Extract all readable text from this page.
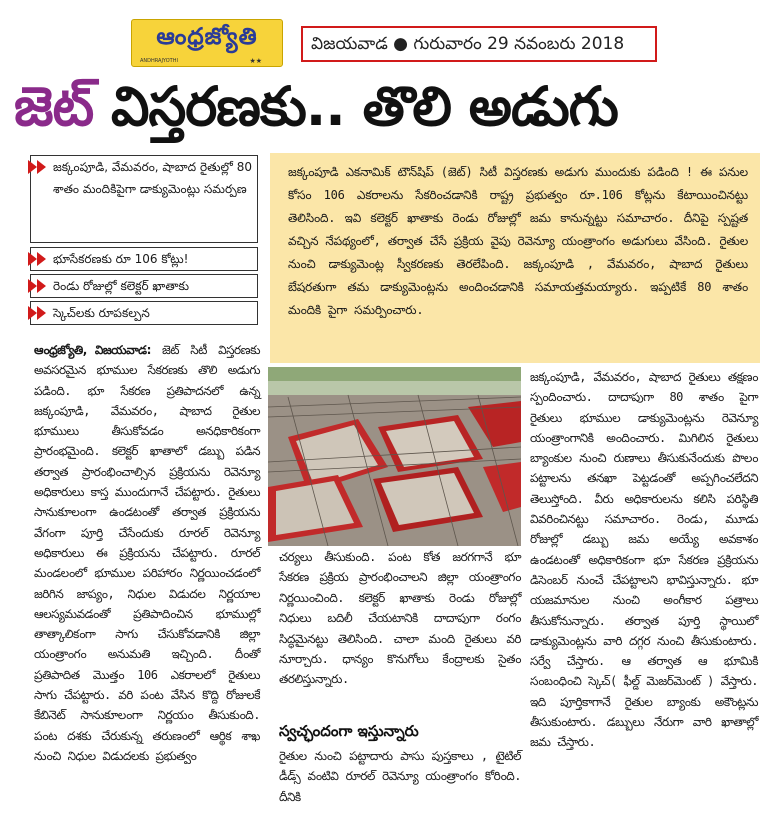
ఆంధ్రజ్యోతి
ANDHRAJYOTHI	★★
విజయవాడ ● గురువారం 29 నవంబరు 2018
జెట్ విస్తరణకు.. తొలి అడుగు
జక్కంపూడి, వేమవరం, షాబాద రైతుల్లో 80 శాతం మందికిపైగా డాక్యుమెంట్లు సమర్పణ
భూసేకరణకు రూ 106 కోట్లు!
రెండు రోజుల్లో కలెక్టర్ ఖాతాకు
స్కెచ్‌లకు రూపకల్పన
జక్కంపూడి ఎకనామిక్ టౌన్‌షిప్ (జెట్) సిటీ విస్తరణకు అడుగు ముందుకు పడింది ! ఈ పనుల కోసం 106 ఎకరాలను సేకరించడానికి రాష్ట్ర ప్రభుత్వం రూ.106 కోట్లను కేటాయించినట్టు తెలిసింది. ఇవి కలెక్టర్ ఖాతాకు రెండు రోజుల్లో జమ కానున్నట్టు సమాచారం. దీనిపై స్పష్టత వచ్చిన నేపథ్యంలో, తర్వాత చేసే ప్రక్రియ వైపు రెవెన్యూ యంత్రాంగం అడుగులు వేసింది. రైతుల నుంచి డాక్యుమెంట్ల స్వీకరణకు తెరలేపింది. జక్కంపూడి , వేమవరం, షాబాద రైతులు బేషరతుగా తమ డాక్యుమెంట్లను అందించడానికి సమాయత్తమయ్యారు. ఇప్పటికే 80 శాతం మందికి పైగా సమర్పించారు.
ఆంధ్రజ్యోతి, విజయవాడ: జెట్ సిటీ విస్తరణకు అవసరమైన భూముల సేకరణకు తొలి అడుగు పడింది. భూ సేకరణ ప్రతిపాదనలో ఉన్న జక్కంపూడి, వేమవరం, షాబాద రైతుల భూములు తీసుకోవడం అనధికారికంగా ప్రారంభమైంది. కలెక్టర్ ఖాతాలో డబ్బు పడిన తర్వాత ప్రారంభించాల్సిన ప్రక్రియను రెవెన్యూ అధికారులు కాస్త ముందుగానే చేపట్టారు. రైతులు సానుకూలంగా ఉండటంతో తర్వాత ప్రక్రియను వేగంగా పూర్తి చేసేందుకు రూరల్ రెవెన్యూ అధికారులు ఈ ప్రక్రియను చేపట్టారు. రూరల్ మండలంలో భూముల పరిహారం నిర్ణయించడంలో జరిగిన జాప్యం, నిధుల విడుదల నిర్ణయాల ఆలస్యమవడంతో ప్రతిపాదించిన భూముల్లో తాత్కాలికంగా సాగు చేసుకోవడానికి జిల్లా యంత్రాంగం అనుమతి ఇచ్చింది. దీంతో ప్రతిపాదిత మొత్తం 106 ఎకరాలలో రైతులు సాగు చేపట్టారు. వరి పంట వేసిన కొద్ది రోజులకే కేబినెట్ సానుకూలంగా నిర్ణయం తీసుకుంది. పంట దశకు చేరుకున్న తరుణంలో ఆర్థిక శాఖ నుంచి నిధుల విడుదలకు ప్రభుత్వం
చర్యలు తీసుకుంది. పంట కోత జరగగానే భూ సేకరణ ప్రక్రియ ప్రారంభించాలని జిల్లా యంత్రాంగం నిర్ణయించింది. కలెక్టర్ ఖాతాకు రెండు రోజుల్లో నిధులు బదిలీ చేయటానికి దాదాపుగా రంగం సిద్ధమైనట్టు తెలిసింది. చాలా మంది రైతులు వరి నూర్చారు. ధాన్యం కొనుగోలు కేంద్రాలకు సైతం తరలిస్తున్నారు.
స్వచ్ఛందంగా ఇస్తున్నారు
రైతుల నుంచి పట్టాదారు పాసు పుస్తకాలు , టైటిల్ డీడ్స్ వంటివి రూరల్ రెవెన్యూ యంత్రాంగం కోరింది. దీనికి
జక్కంపూడి, వేమవరం, షాబాద రైతులు తక్షణం స్పందించారు. దాదాపుగా 80 శాతం పైగా రైతులు భూముల డాక్యుమెంట్లను రెవెన్యూ యంత్రాంగానికి అందించారు. మిగిలిన రైతులు బ్యాంకుల నుంచి రుణాలు తీసుకునేందుకు పొలం పట్టాలను తనఖా పెట్టడంతో అప్పగించలేదని తెలుస్తోంది. వీరు అధికారులను కలిసి పరిస్థితి వివరించినట్టు సమాచారం. రెండు, మూడు రోజుల్లో డబ్బు జమ అయ్యే అవకాశం ఉండటంతో అధికారికంగా భూ సేకరణ ప్రక్రియను డిసెంబర్ నుంచే చేపట్టాలని భావిస్తున్నారు. భూ యజమానుల నుంచి అంగీకార పత్రాలు తీసుకోనున్నారు. తర్వాత పూర్తి స్థాయిలో డాక్యుమెంట్లను వారి దగ్గర నుంచి తీసుకుంటారు. సర్వే చేస్తారు. ఆ తర్వాత ఆ భూమికి సంబంధించి స్కెచ్( ఫీల్డ్ మెజర్‌మెంట్ ) వేస్తారు. ఇది పూర్తికాగానే రైతుల బ్యాంకు అకౌంట్లను తీసుకుంటారు. డబ్బులు నేరుగా వారి ఖాతాల్లో జమ చేస్తారు.
